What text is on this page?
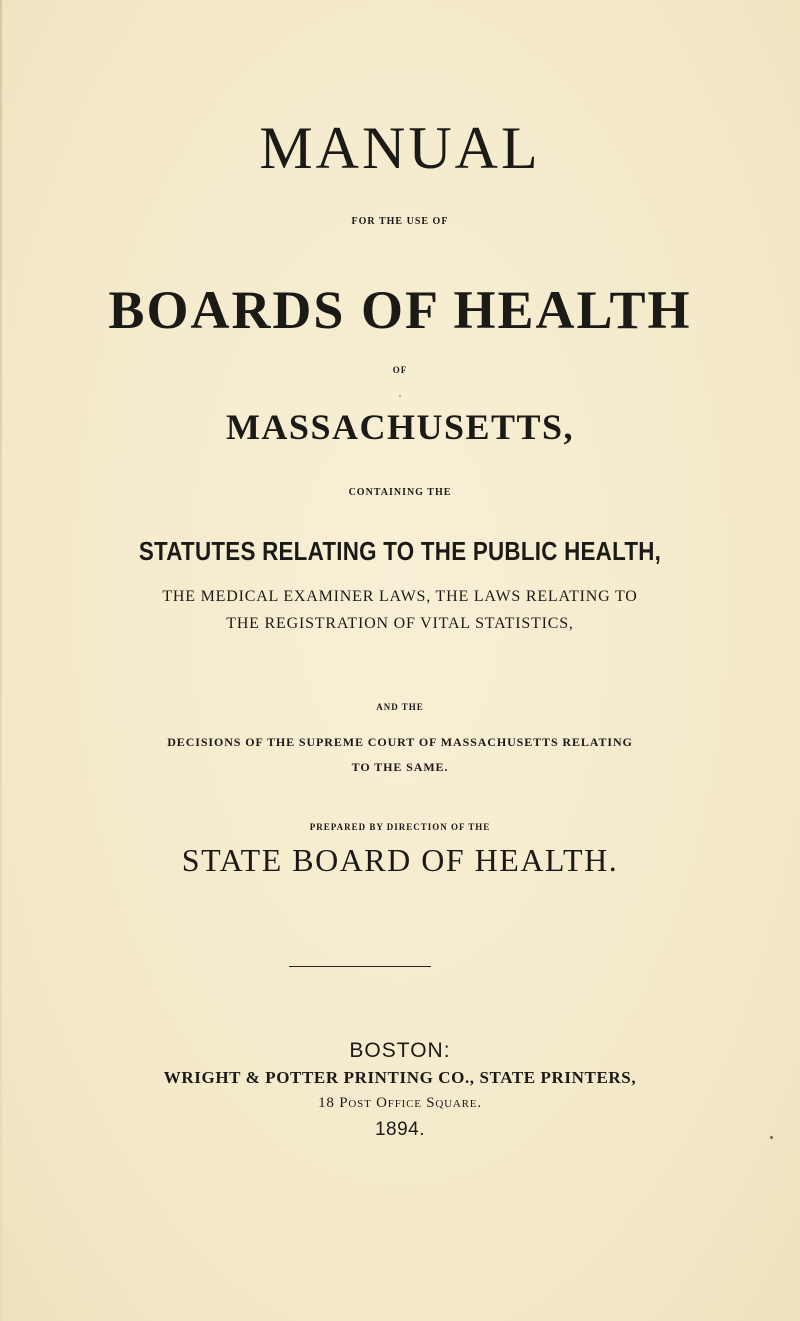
MANUAL

FOR THE USE OF

BOARDS OF HEALTH

OF

MASSACHUSETTS,

CONTAINING THE

STATUTES RELATING TO THE PUBLIC HEALTH,

THE MEDICAL EXAMINER LAWS, THE LAWS RELATING TO

THE REGISTRATION OF VITAL STATISTICS,

AND THE

DECISIONS OF THE SUPREME COURT OF MASSACHUSETTS RELATING

TO THE SAME.

PREPARED BY DIRECTION OF THE

STATE BOARD OF HEALTH.

BOSTON:

WRIGHT & POTTER PRINTING CO., STATE PRINTERS,

18 Post Office Square.

1894.
